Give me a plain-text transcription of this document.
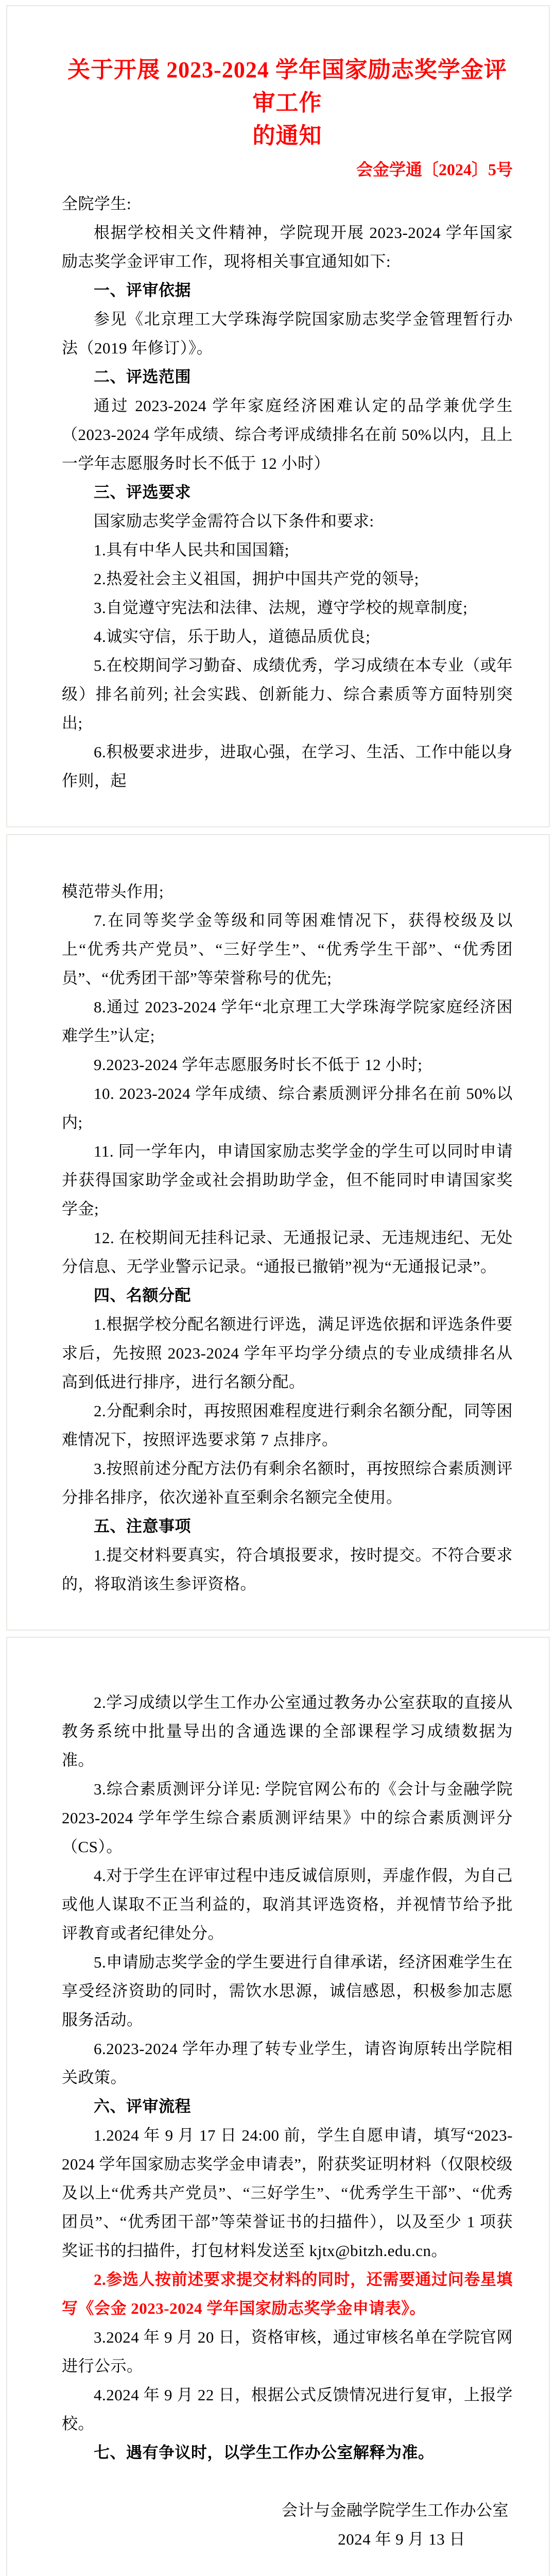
关于开展 2023-2024 学年国家励志奖学金评审工作
的通知
会金学通〔2024〕5号

全院学生:

根据学校相关文件精神，学院现开展 2023-2024 学年国家励志奖学金评审工作，现将相关事宜通知如下:

一、评审依据

参见《北京理工大学珠海学院国家励志奖学金管理暂行办法（2019 年修订）》。

二、评选范围

通过 2023-2024 学年家庭经济困难认定的品学兼优学生（2023-2024 学年成绩、综合考评成绩排名在前 50%以内，且上一学年志愿服务时长不低于 12 小时）

三、评选要求

国家励志奖学金需符合以下条件和要求:

1.具有中华人民共和国国籍;

2.热爱社会主义祖国，拥护中国共产党的领导;

3.自觉遵守宪法和法律、法规，遵守学校的规章制度;

4.诚实守信，乐于助人，道德品质优良;

5.在校期间学习勤奋、成绩优秀，学习成绩在本专业（或年级）排名前列; 社会实践、创新能力、综合素质等方面特别突出;

6.积极要求进步，进取心强，在学习、生活、工作中能以身作则，起

模范带头作用;

7.在同等奖学金等级和同等困难情况下，获得校级及以上“优秀共产党员”、“三好学生”、“优秀学生干部”、“优秀团员”、“优秀团干部”等荣誉称号的优先;

8.通过 2023-2024 学年“北京理工大学珠海学院家庭经济困难学生”认定;

9.2023-2024 学年志愿服务时长不低于 12 小时;

10. 2023-2024 学年成绩、综合素质测评分排名在前 50%以内;

11. 同一学年内，申请国家励志奖学金的学生可以同时申请并获得国家助学金或社会捐助助学金，但不能同时申请国家奖学金;

12. 在校期间无挂科记录、无通报记录、无违规违纪、无处分信息、无学业警示记录。“通报已撤销”视为“无通报记录”。

四、名额分配

1.根据学校分配名额进行评选，满足评选依据和评选条件要求后，先按照 2023-2024 学年平均学分绩点的专业成绩排名从高到低进行排序，进行名额分配。

2.分配剩余时，再按照困难程度进行剩余名额分配，同等困难情况下，按照评选要求第 7 点排序。

3.按照前述分配方法仍有剩余名额时，再按照综合素质测评分排名排序，依次递补直至剩余名额完全使用。

五、注意事项

1.提交材料要真实，符合填报要求，按时提交。不符合要求的，将取消该生参评资格。

2.学习成绩以学生工作办公室通过教务办公室获取的直接从教务系统中批量导出的含通选课的全部课程学习成绩数据为准。

3.综合素质测评分详见: 学院官网公布的《会计与金融学院 2023-2024 学年学生综合素质测评结果》中的综合素质测评分（CS）。

4.对于学生在评审过程中违反诚信原则，弄虚作假，为自己或他人谋取不正当利益的，取消其评选资格，并视情节给予批评教育或者纪律处分。

5.申请励志奖学金的学生要进行自律承诺，经济困难学生在享受经济资助的同时，需饮水思源，诚信感恩，积极参加志愿服务活动。

6.2023-2024 学年办理了转专业学生，请咨询原转出学院相关政策。

六、评审流程

1.2024 年 9 月 17 日 24:00 前，学生自愿申请，填写“2023-2024 学年国家励志奖学金申请表”，附获奖证明材料（仅限校级及以上“优秀共产党员”、“三好学生”、“优秀学生干部”、“优秀团员”、“优秀团干部”等荣誉证书的扫描件），以及至少 1 项获奖证书的扫描件，打包材料发送至 kjtx@bitzh.edu.cn。

2.参选人按前述要求提交材料的同时，还需要通过问卷星填写《会金 2023-2024 学年国家励志奖学金申请表》。

3.2024 年 9 月 20 日，资格审核，通过审核名单在学院官网进行公示。

4.2024 年 9 月 22 日，根据公式反馈情况进行复审，上报学校。

七、遇有争议时，以学生工作办公室解释为准。

会计与金融学院学生工作办公室

2024 年 9 月 13 日
